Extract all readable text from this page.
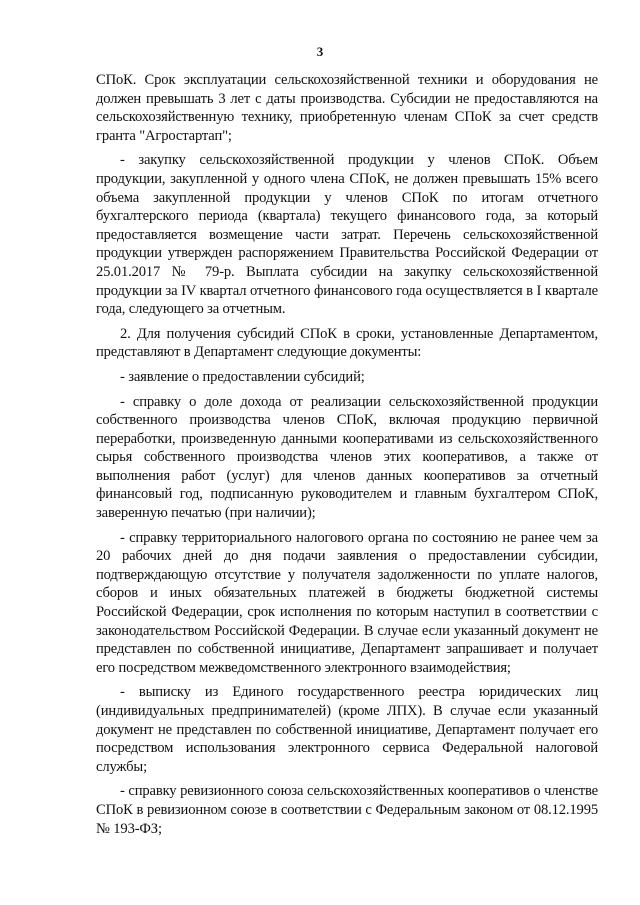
3

СПоК. Срок эксплуатации сельскохозяйственной техники и оборудования не должен превышать 3 лет с даты производства. Субсидии не предоставляются на сельскохозяйственную технику, приобретенную членам СПоК за счет средств гранта "Агростартап";

- закупку сельскохозяйственной продукции у членов СПоК. Объем продукции, закупленной у одного члена СПоК, не должен превышать 15% всего объема закупленной продукции у членов СПоК по итогам отчетного бухгалтерского периода (квартала) текущего финансового года, за который предоставляется возмещение части затрат. Перечень сельскохозяйственной продукции утвержден распоряжением Правительства Российской Федерации от 25.01.2017 № 79-р. Выплата субсидии на закупку сельскохозяйственной продукции за IV квартал отчетного финансового года осуществляется в I квартале года, следующего за отчетным.

2. Для получения субсидий СПоК в сроки, установленные Департаментом, представляют в Департамент следующие документы:

- заявление о предоставлении субсидий;

- справку о доле дохода от реализации сельскохозяйственной продукции собственного производства членов СПоК, включая продукцию первичной переработки, произведенную данными кооперативами из сельскохозяйственного сырья собственного производства членов этих кооперативов, а также от выполнения работ (услуг) для членов данных кооперативов за отчетный финансовый год, подписанную руководителем и главным бухгалтером СПоК, заверенную печатью (при наличии);

- справку территориального налогового органа по состоянию не ранее чем за 20 рабочих дней до дня подачи заявления о предоставлении субсидии, подтверждающую отсутствие у получателя задолженности по уплате налогов, сборов и иных обязательных платежей в бюджеты бюджетной системы Российской Федерации, срок исполнения по которым наступил в соответствии с законодательством Российской Федерации. В случае если указанный документ не представлен по собственной инициативе, Департамент запрашивает и получает его посредством межведомственного электронного взаимодействия;

- выписку из Единого государственного реестра юридических лиц (индивидуальных предпринимателей) (кроме ЛПХ). В случае если указанный документ не представлен по собственной инициативе, Департамент получает его посредством использования электронного сервиса Федеральной налоговой службы;

- справку ревизионного союза сельскохозяйственных кооперативов о членстве СПоК в ревизионном союзе в соответствии с Федеральным законом от 08.12.1995 № 193-ФЗ;
